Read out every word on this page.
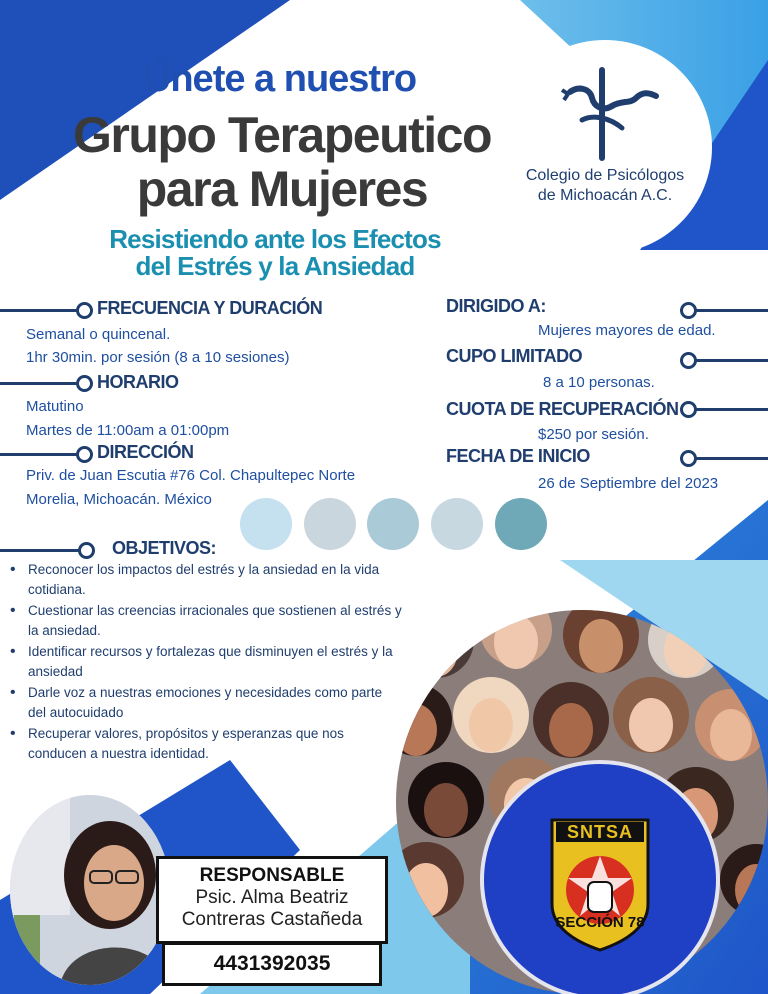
Únete a nuestro
Grupo Terapeutico
para Mujeres
Resistiendo ante los Efectos
del Estrés y la Ansiedad
Colegio de Psicólogos
de Michoacán A.C.
FRECUENCIA Y DURACIÓN
Semanal o quincenal.
1hr 30min. por sesión (8 a 10 sesiones)
HORARIO
Matutino
Martes de 11:00am a 01:00pm
DIRECCIÓN
Priv. de Juan Escutia #76 Col. Chapultepec Norte
Morelia, Michoacán. México
DIRIGIDO A:
Mujeres mayores de edad.
CUPO LIMITADO
8 a 10 personas.
CUOTA DE RECUPERACIÓN
$250 por sesión.
FECHA DE INICIO
26 de Septiembre del 2023
OBJETIVOS:
• Reconocer los impactos del estrés y la ansiedad en la vida cotidiana.
• Cuestionar las creencias irracionales que sostienen al estrés y la ansiedad.
• Identificar recursos y fortalezas que disminuyen el estrés y la ansiedad
• Darle voz a nuestras emociones y necesidades como parte del autocuidado
• Recuperar valores, propósitos y esperanzas que nos conducen a nuestra identidad.
SNTSA
SECCIÓN 78
RESPONSABLE
Psic. Alma Beatriz
Contreras Castañeda
4431392035
